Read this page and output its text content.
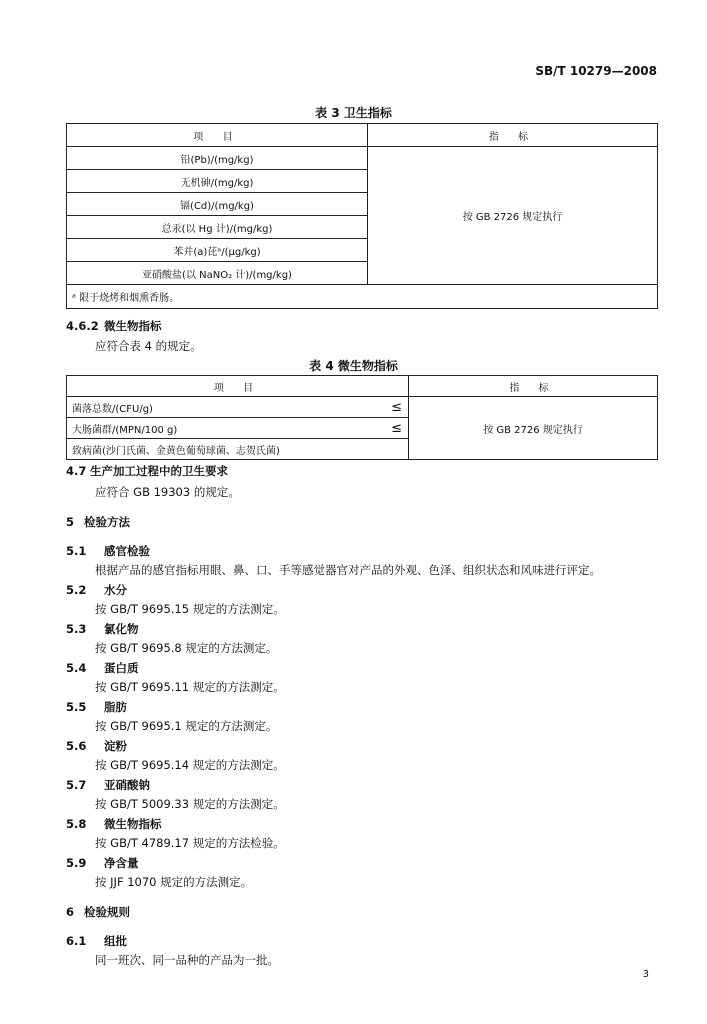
SB/T 10279—2008
表 3 卫生指标
项 目	指 标
铅(Pb)/(mg/kg)	按 GB 2726 规定执行
无机砷/(mg/kg)	
镉(Cd)/(mg/kg)	
总汞(以 Hg 计)/(mg/kg)	
苯并(a)芘ᵃ/(μg/kg)	
亚硝酸盐(以 NaNO₂ 计)/(mg/kg)	
ᵃ 限于烧烤和烟熏香肠。	
4.6.2 微生物指标
应符合表 4 的规定。
表 4 微生物指标
项 目		指 标
菌落总数/(CFU/g)	≤	按 GB 2726 规定执行
大肠菌群/(MPN/100 g)	≤	
致病菌(沙门氏菌、金黄色葡萄球菌、志贺氏菌)		
4.7 生产加工过程中的卫生要求
应符合 GB 19303 的规定。
5 检验方法
5.1 感官检验
根据产品的感官指标用眼、鼻、口、手等感觉器官对产品的外观、色泽、组织状态和风味进行评定。
5.2 水分
按 GB/T 9695.15 规定的方法测定。
5.3 氯化物
按 GB/T 9695.8 规定的方法测定。
5.4 蛋白质
按 GB/T 9695.11 规定的方法测定。
5.5 脂肪
按 GB/T 9695.1 规定的方法测定。
5.6 淀粉
按 GB/T 9695.14 规定的方法测定。
5.7 亚硝酸钠
按 GB/T 5009.33 规定的方法测定。
5.8 微生物指标
按 GB/T 4789.17 规定的方法检验。
5.9 净含量
按 JJF 1070 规定的方法测定。
6 检验规则
6.1 组批
同一班次、同一品种的产品为一批。
3
